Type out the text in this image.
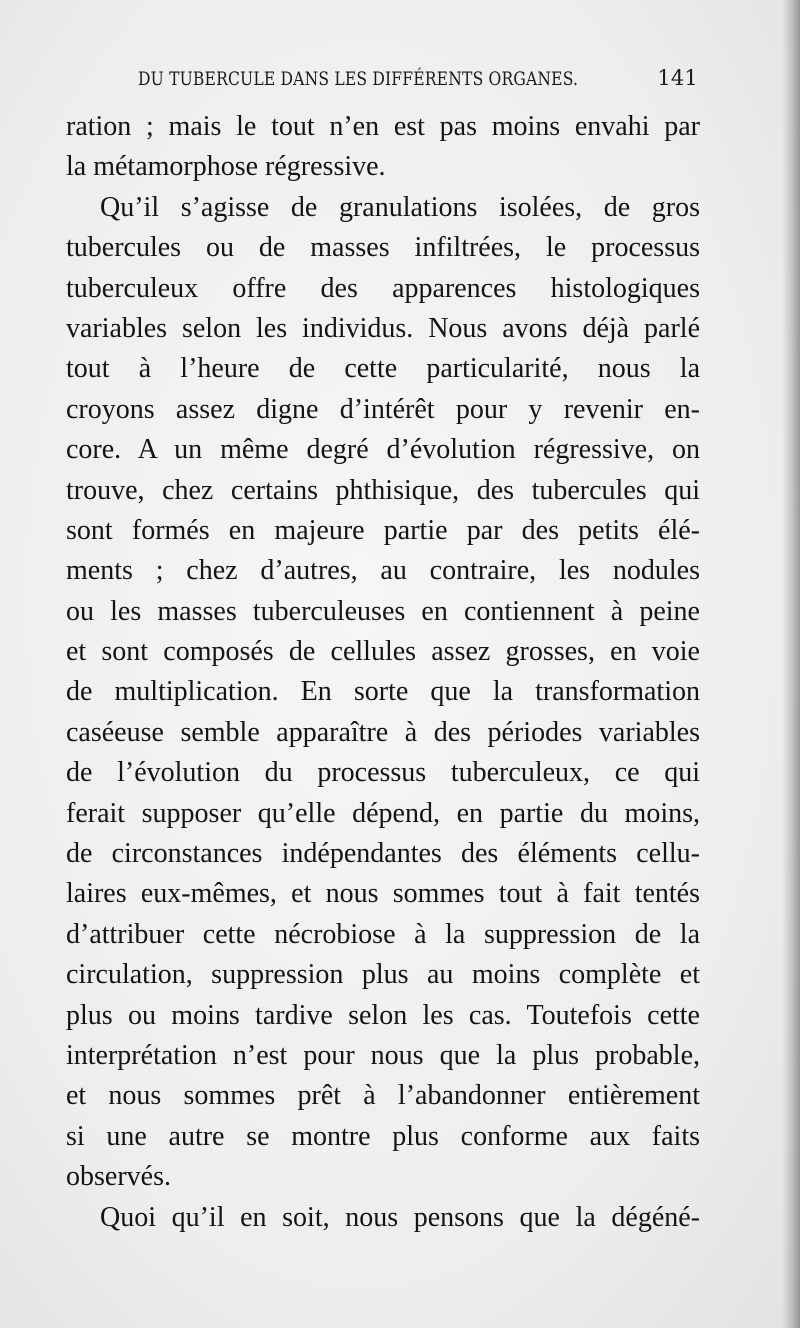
DU TUBERCULE DANS LES DIFFÉRENTS ORGANES.	141
ration ; mais le tout n’en est pas moins envahi par
la métamorphose régressive.
Qu’il s’agisse de granulations isolées, de gros
tubercules ou de masses infiltrées, le processus
tuberculeux offre des apparences histologiques
variables selon les individus. Nous avons déjà parlé
tout à l’heure de cette particularité, nous la
croyons assez digne d’intérêt pour y revenir en-
core. A un même degré d’évolution régressive, on
trouve, chez certains phthisique, des tubercules qui
sont formés en majeure partie par des petits élé-
ments ; chez d’autres, au contraire, les nodules
ou les masses tuberculeuses en contiennent à peine
et sont composés de cellules assez grosses, en voie
de multiplication. En sorte que la transformation
caséeuse semble apparaître à des périodes variables
de l’évolution du processus tuberculeux, ce qui
ferait supposer qu’elle dépend, en partie du moins,
de circonstances indépendantes des éléments cellu-
laires eux-mêmes, et nous sommes tout à fait tentés
d’attribuer cette nécrobiose à la suppression de la
circulation, suppression plus au moins complète et
plus ou moins tardive selon les cas. Toutefois cette
interprétation n’est pour nous que la plus probable,
et nous sommes prêt à l’abandonner entièrement
si une autre se montre plus conforme aux faits
observés.
Quoi qu’il en soit, nous pensons que la dégéné-
